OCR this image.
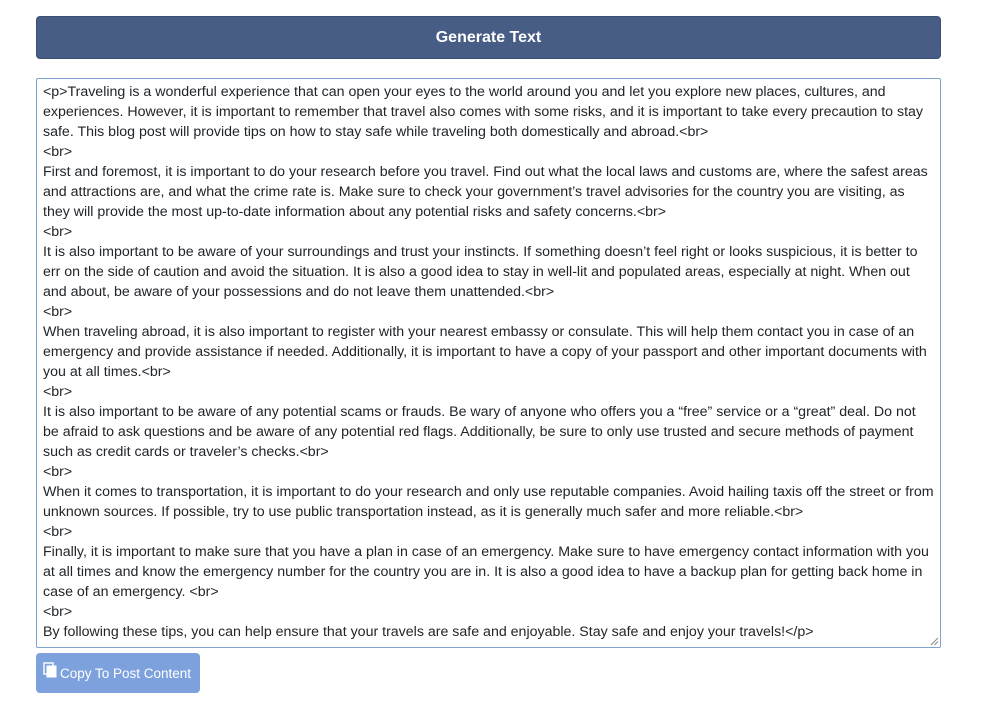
Generate Text

<p>Traveling is a wonderful experience that can open your eyes to the world around you and let you explore new places, cultures, and experiences. However, it is important to remember that travel also comes with some risks, and it is important to take every precaution to stay safe. This blog post will provide tips on how to stay safe while traveling both domestically and abroad.<br>

<br>

First and foremost, it is important to do your research before you travel. Find out what the local laws and customs are, where the safest areas and attractions are, and what the crime rate is. Make sure to check your government’s travel advisories for the country you are visiting, as they will provide the most up-to-date information about any potential risks and safety concerns.<br>

<br>

It is also important to be aware of your surroundings and trust your instincts. If something doesn’t feel right or looks suspicious, it is better to err on the side of caution and avoid the situation. It is also a good idea to stay in well-lit and populated areas, especially at night. When out and about, be aware of your possessions and do not leave them unattended.<br>

<br>

When traveling abroad, it is also important to register with your nearest embassy or consulate. This will help them contact you in case of an emergency and provide assistance if needed. Additionally, it is important to have a copy of your passport and other important documents with you at all times.<br>

<br>

It is also important to be aware of any potential scams or frauds. Be wary of anyone who offers you a “free” service or a “great” deal. Do not be afraid to ask questions and be aware of any potential red flags. Additionally, be sure to only use trusted and secure methods of payment such as credit cards or traveler’s checks.<br>

<br>

When it comes to transportation, it is important to do your research and only use reputable companies. Avoid hailing taxis off the street or from unknown sources. If possible, try to use public transportation instead, as it is generally much safer and more reliable.<br>

<br>

Finally, it is important to make sure that you have a plan in case of an emergency. Make sure to have emergency contact information with you at all times and know the emergency number for the country you are in. It is also a good idea to have a backup plan for getting back home in case of an emergency. <br>

<br>

By following these tips, you can help ensure that your travels are safe and enjoyable. Stay safe and enjoy your travels!</p>

Copy To Post Content
